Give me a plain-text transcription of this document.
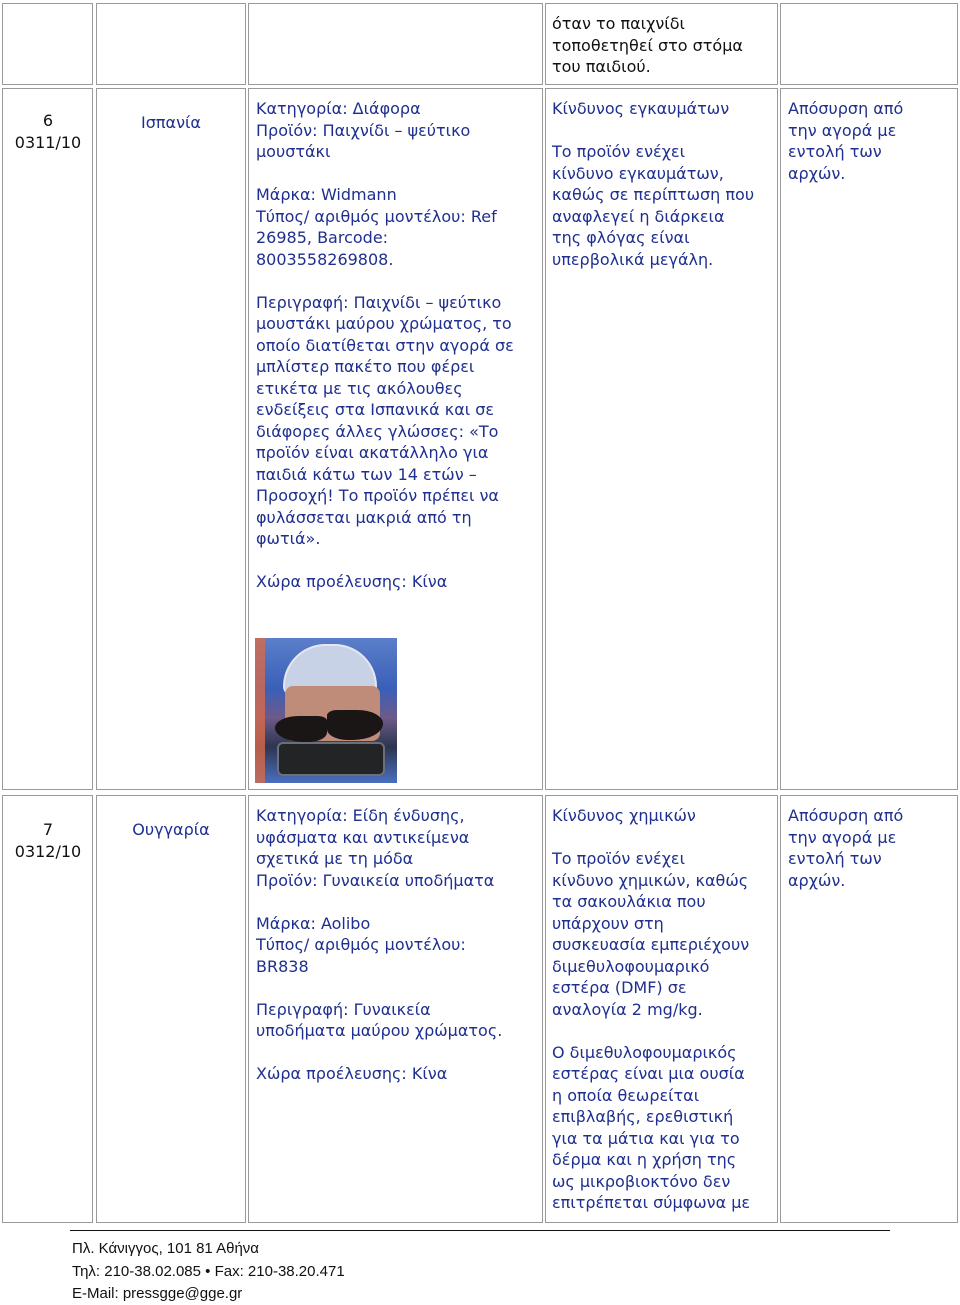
όταν το παιχνίδι
τοποθετηθεί στο στόμα
του παιδιού.
6
0311/10
Ισπανία
Κατηγορία: Διάφορα
Προϊόν: Παιχνίδι – ψεύτικο
μουστάκι

Μάρκα: Widmann
Τύπος/ αριθμός μοντέλου: Ref
26985, Barcode:
8003558269808.

Περιγραφή: Παιχνίδι – ψεύτικο
μουστάκι μαύρου χρώματος, το
οποίο διατίθεται στην αγορά σε
μπλίστερ πακέτο που φέρει
ετικέτα με τις ακόλουθες
ενδείξεις στα Ισπανικά και σε
διάφορες άλλες γλώσσες: «Το
προϊόν είναι ακατάλληλο για
παιδιά κάτω των 14 ετών –
Προσοχή! Το προϊόν πρέπει να
φυλάσσεται μακριά από τη
φωτιά».

Χώρα προέλευσης: Κίνα
Κίνδυνος εγκαυμάτων

Το προϊόν ενέχει
κίνδυνο εγκαυμάτων,
καθώς σε περίπτωση που
αναφλεγεί η διάρκεια
της φλόγας είναι
υπερβολικά μεγάλη.
Απόσυρση από
την αγορά με
εντολή των
αρχών.
7
0312/10
Ουγγαρία
Κατηγορία: Είδη ένδυσης,
υφάσματα και αντικείμενα
σχετικά με τη μόδα
Προϊόν: Γυναικεία υποδήματα

Μάρκα: Aolibo
Τύπος/ αριθμός μοντέλου:
BR838

Περιγραφή: Γυναικεία
υποδήματα μαύρου χρώματος.

Χώρα προέλευσης: Κίνα
Κίνδυνος χημικών

Το προϊόν ενέχει
κίνδυνο χημικών, καθώς
τα σακουλάκια που
υπάρχουν στη
συσκευασία εμπεριέχουν
διμεθυλοφουμαρικό
εστέρα (DMF) σε
αναλογία 2 mg/kg.

Ο διμεθυλοφουμαρικός
εστέρας είναι μια ουσία
η οποία θεωρείται
επιβλαβής, ερεθιστική
για τα μάτια και για το
δέρμα και η χρήση της
ως μικροβιοκτόνο δεν
επιτρέπεται σύμφωνα με
Απόσυρση από
την αγορά με
εντολή των
αρχών.
Πλ. Κάνιγγος, 101 81 Αθήνα
Τηλ: 210-38.02.085 • Fax: 210-38.20.471
E-Mail: pressgge@gge.gr
